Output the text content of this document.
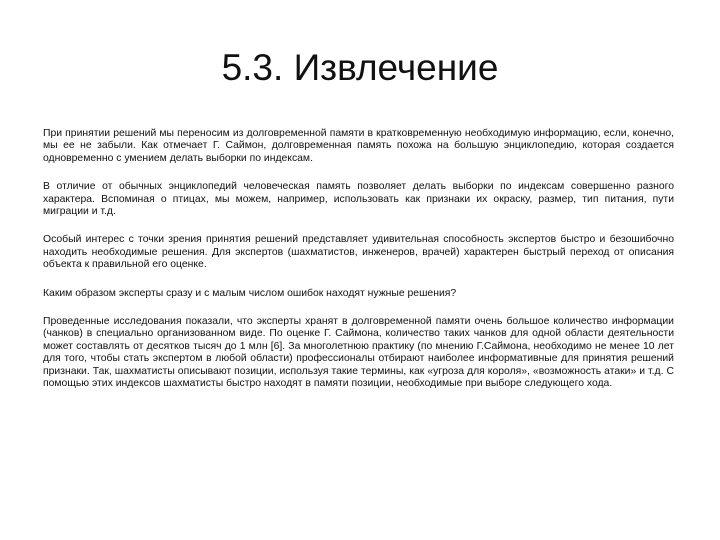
5.3. Извлечение

При принятии решений мы переносим из долговременной памяти в кратковременную необходимую информацию, если, конечно, мы ее не забыли. Как отмечает Г. Саймон, долговременная память похожа на большую энциклопедию, которая создается одновременно с умением делать выборки по индексам.

В отличие от обычных энциклопедий человеческая память позволяет делать выборки по индексам совершенно разного характера. Вспоминая о птицах, мы можем, например, использовать как признаки их окраску, размер, тип питания, пути миграции и т.д.

Особый интерес с точки зрения принятия решений представляет удивительная способность экспертов быстро и безошибочно находить необходимые решения. Для экспертов (шахматистов, инженеров, врачей) характерен быстрый переход от описания объекта к правильной его оценке.

Каким образом эксперты сразу и с малым числом ошибок находят нужные решения?

Проведенные исследования показали, что эксперты хранят в долговременной памяти очень большое количество информации (чанков) в специально организованном виде. По оценке Г. Саймона, количество таких чанков для одной области деятельности может составлять от десятков тысяч до 1 млн [6]. За многолетнюю практику (по мнению Г.Саймона, необходимо не менее 10 лет для того, чтобы стать экспертом в любой области) профессионалы отбирают наиболее информативные для принятия решений признаки. Так, шахматисты описывают позиции, используя такие термины, как «угроза для короля», «возможность атаки» и т.д. С помощью этих индексов шахматисты быстро находят в памяти позиции, необходимые при выборе следующего хода.
